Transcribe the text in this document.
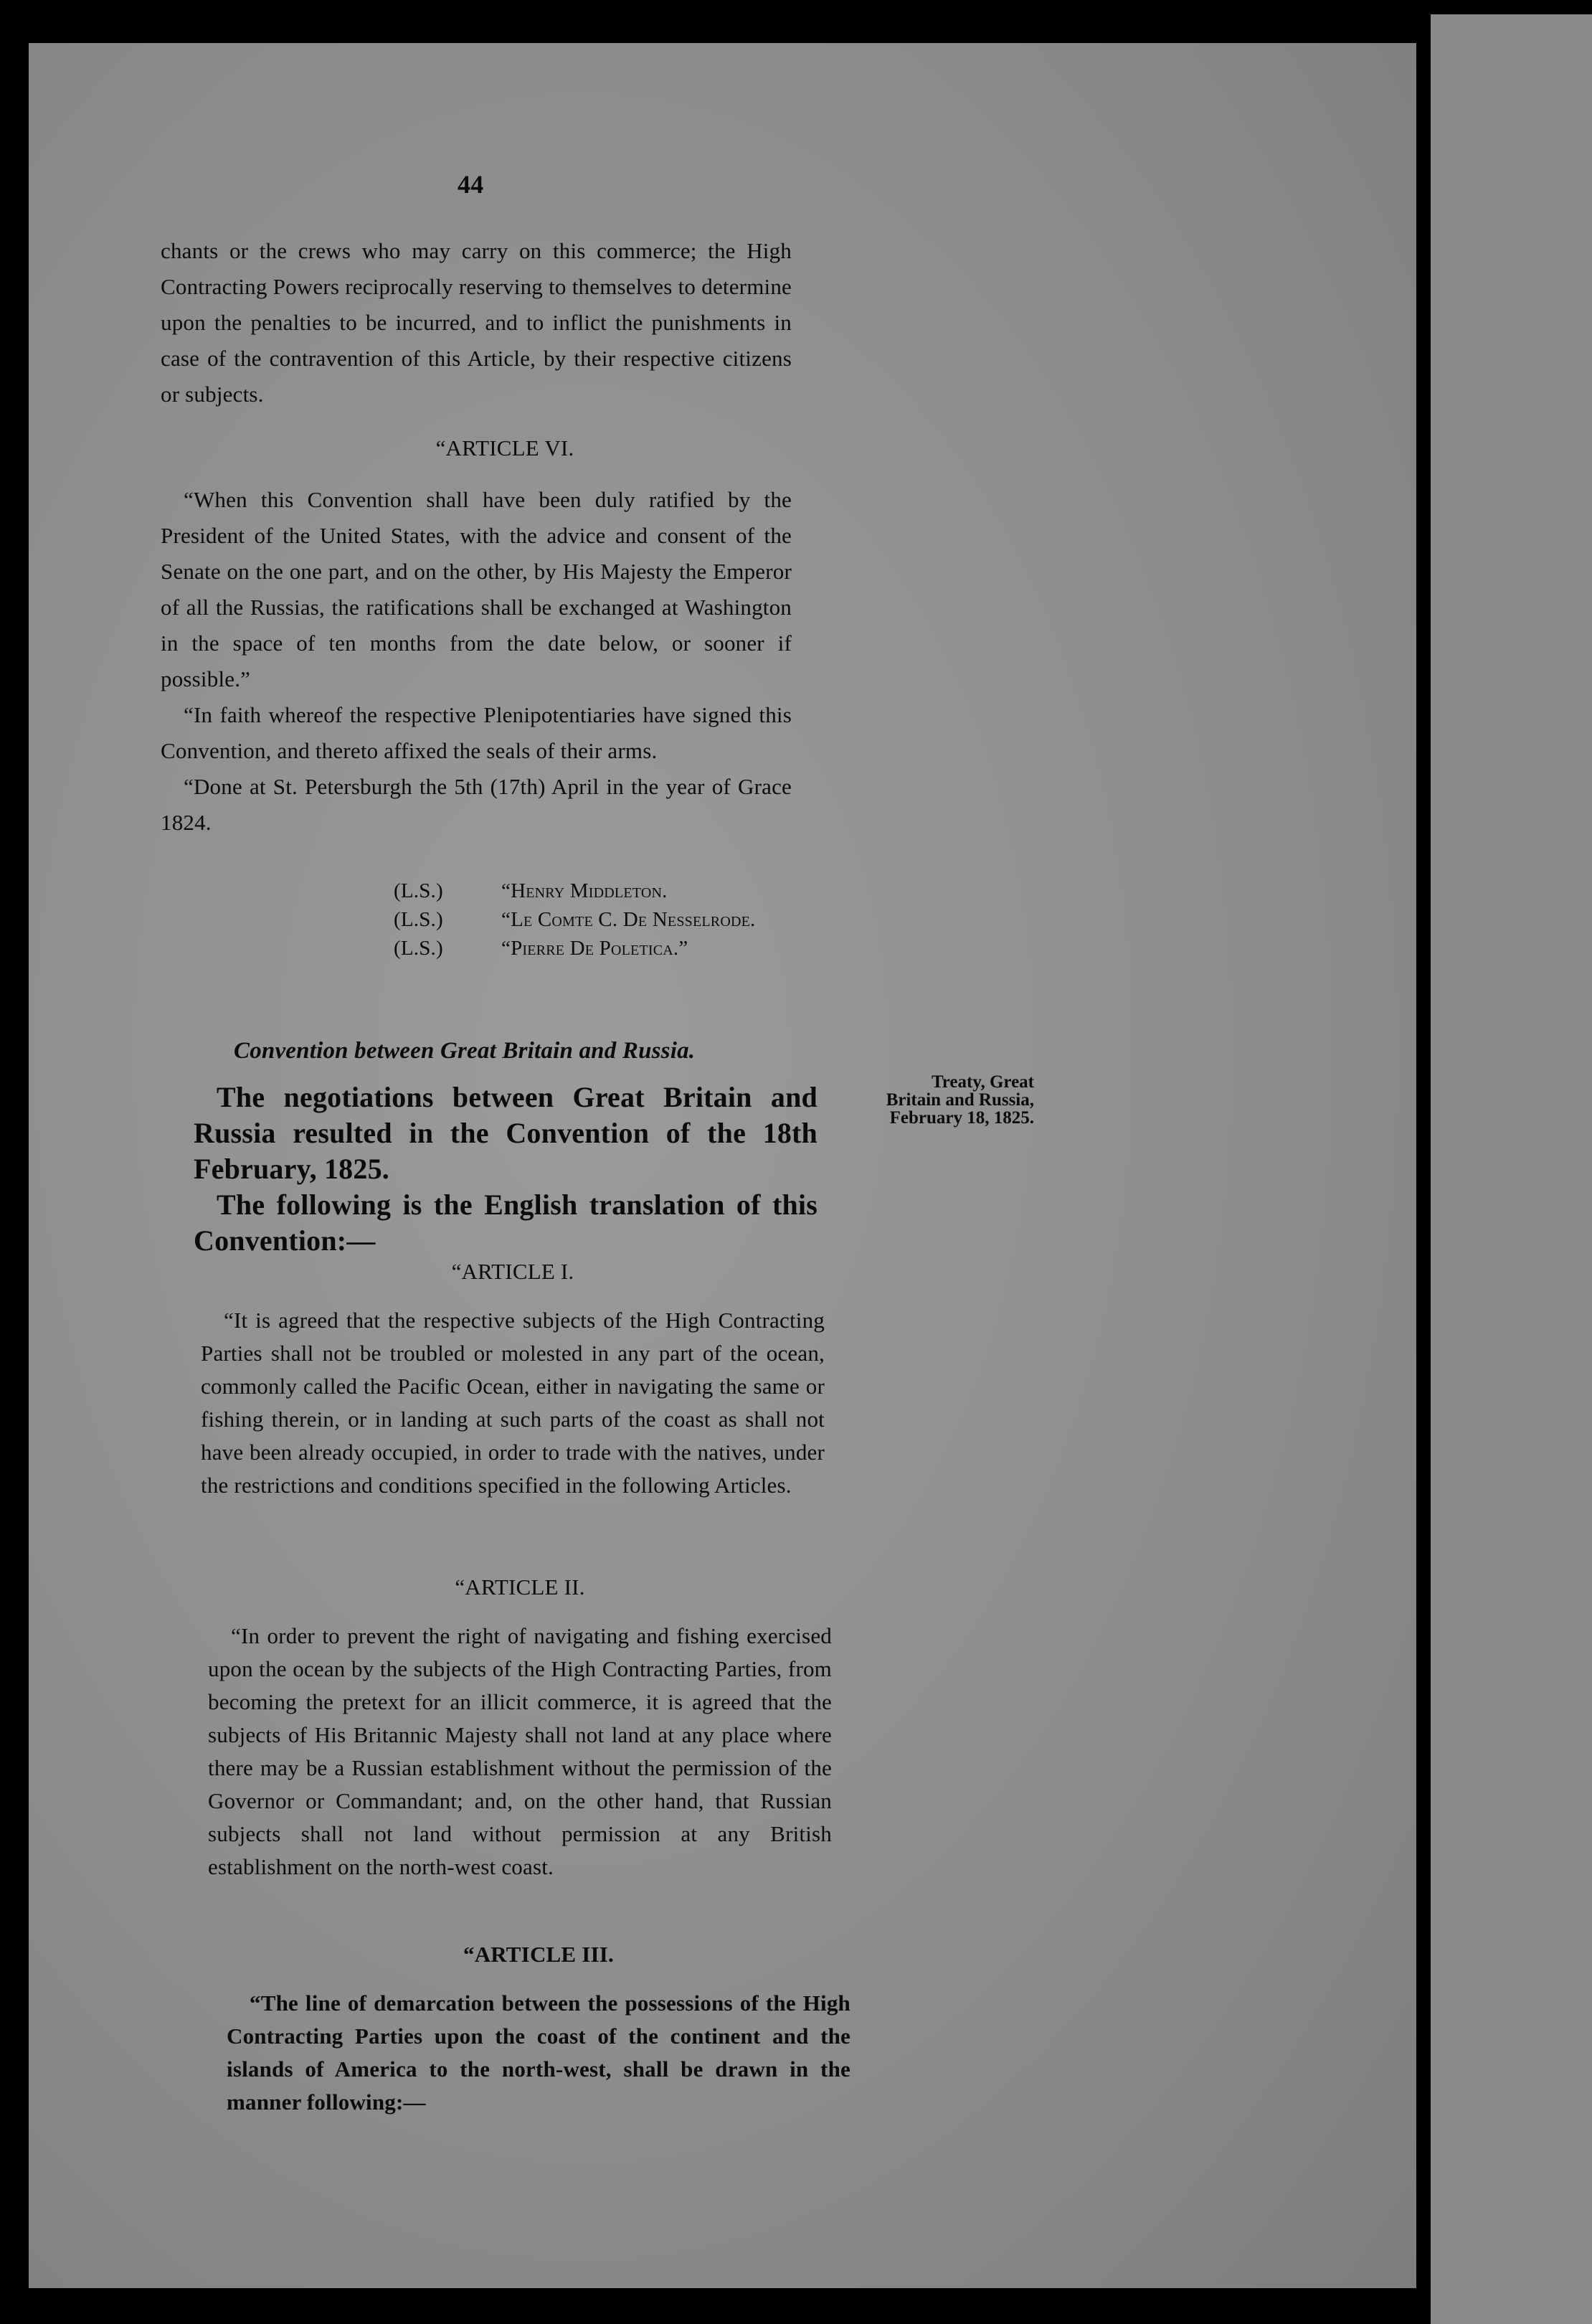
44

chants or the crews who may carry on this commerce; the High Contracting Powers reciprocally reserving to themselves to determine upon the penalties to be incurred, and to inflict the punishments in case of the contravention of this Article, by their respective citizens or subjects.

“ARTICLE VI.

“When this Convention shall have been duly ratified by the President of the United States, with the advice and consent of the Senate on the one part, and on the other, by His Majesty the Emperor of all the Russias, the ratifications shall be exchanged at Washington in the space of ten months from the date below, or sooner if possible.”

“In faith whereof the respective Plenipotentiaries have signed this Convention, and thereto affixed the seals of their arms.

“Done at St. Petersburgh the 5th (17th) April in the year of Grace 1824.

(L.S.)	“Henry Middleton.
(L.S.)	“Le Comte C. De Nesselrode.
(L.S.)	“Pierre De Poletica.”
Convention between Great Britain and Russia.

The negotiations between Great Britain and Russia resulted in the Convention of the 18th February, 1825.

The following is the English translation of this Convention:—

Treaty, Great
Britain and Russia,
February 18, 1825.

“ARTICLE I.

“It is agreed that the respective subjects of the High Contracting Parties shall not be troubled or molested in any part of the ocean, commonly called the Pacific Ocean, either in navigating the same or fishing therein, or in landing at such parts of the coast as shall not have been already occupied, in order to trade with the natives, under the restrictions and conditions specified in the following Articles.

“ARTICLE II.

“In order to prevent the right of navigating and fishing exercised upon the ocean by the subjects of the High Contracting Parties, from becoming the pretext for an illicit commerce, it is agreed that the subjects of His Britannic Majesty shall not land at any place where there may be a Russian establishment without the permission of the Governor or Commandant; and, on the other hand, that Russian subjects shall not land without permission at any British establishment on the north-west coast.

“ARTICLE III.

“The line of demarcation between the possessions of the High Contracting Parties upon the coast of the continent and the islands of America to the north-west, shall be drawn in the manner following:—
